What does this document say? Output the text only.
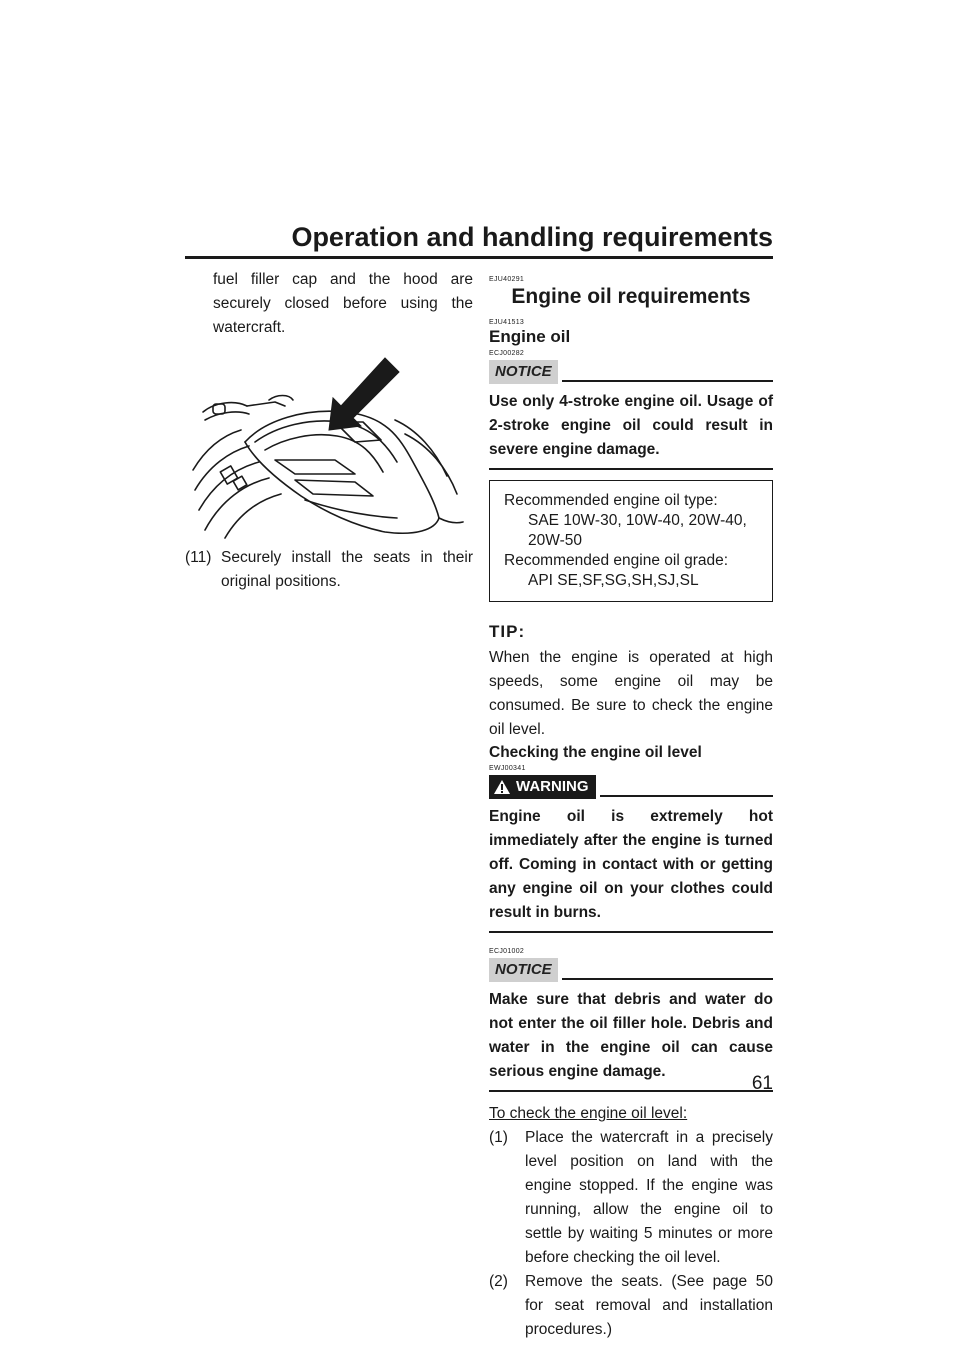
Operation and handling requirements
fuel filler cap and the hood are securely closed before using the watercraft.
(11) Securely install the seats in their original positions.
EJU40291
Engine oil requirements
EJU41513
Engine oil
ECJ00282
NOTICE
Use only 4-stroke engine oil. Usage of 2-stroke engine oil could result in severe engine damage.
Recommended engine oil type:
SAE 10W-30, 10W-40, 20W-40,
20W-50
Recommended engine oil grade:
API SE,SF,SG,SH,SJ,SL
TIP:
When the engine is operated at high speeds, some engine oil may be consumed. Be sure to check the engine oil level.
Checking the engine oil level
EWJ00341
WARNING
Engine oil is extremely hot immediately after the engine is turned off. Coming in contact with or getting any engine oil on your clothes could result in burns.
ECJ01002
NOTICE
Make sure that debris and water do not enter the oil filler hole. Debris and water in the engine oil can cause serious engine damage.
To check the engine oil level:
(1)	Place the watercraft in a precisely level position on land with the engine stopped. If the engine was running, allow the engine oil to settle by waiting 5 minutes or more before checking the oil level.
(2)	Remove the seats. (See page 50 for seat removal and installation procedures.)
61
